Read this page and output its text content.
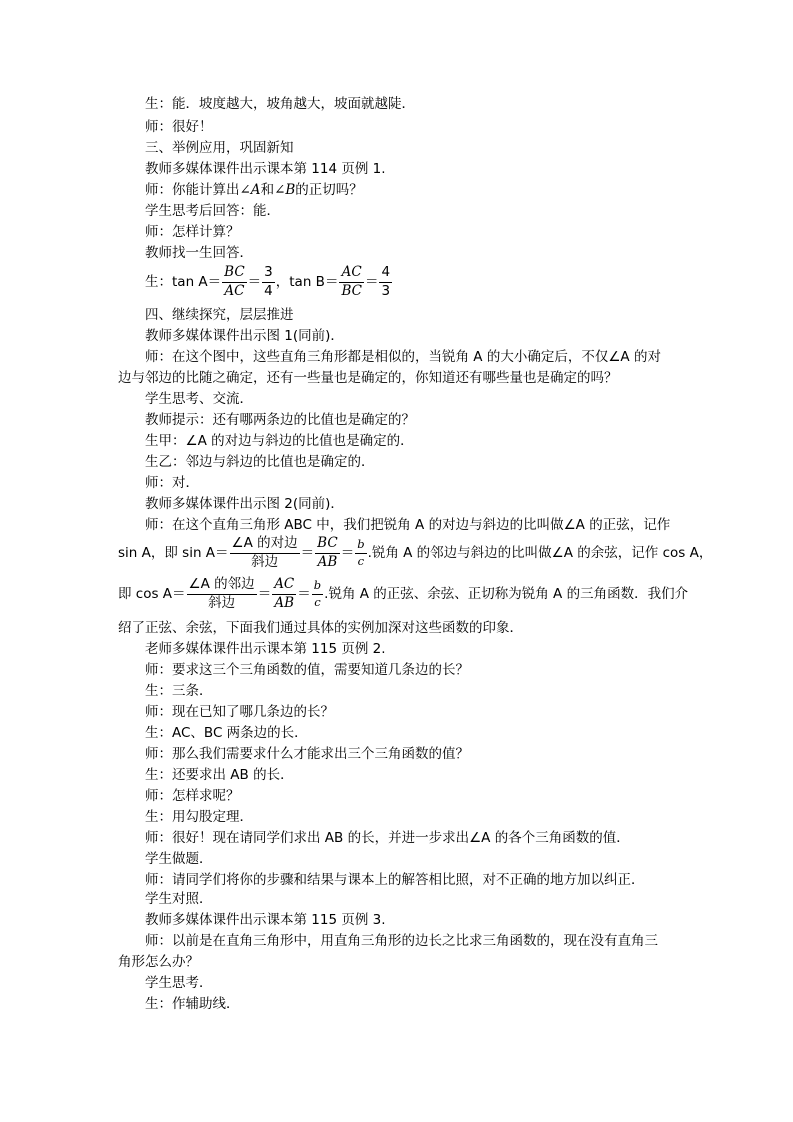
生：能．坡度越大，坡角越大，坡面就越陡．
师：很好！
三、举例应用，巩固新知
教师多媒体课件出示课本第 114 页例 1.
师：你能计算出∠A和∠B的正切吗？
学生思考后回答：能．
师：怎样计算？
教师找一生回答．
生：$\tan A= \frac{BC}{AC} = \frac{3}{4}$ ，$\tan B= \frac{AC}{BC} = \frac{4}{3}$
四、继续探究，层层推进
教师多媒体课件出示图 1(同前)．
师：在这个图中，这些直角三角形都是相似的，当锐角 A 的大小确定后，不仅∠A 的对
边与邻边的比随之确定，还有一些量也是确定的，你知道还有哪些量也是确定的吗？
学生思考、交流．
教师提示：还有哪两条边的比值也是确定的？
生甲：∠A 的对边与斜边的比值也是确定的．
生乙：邻边与斜边的比值也是确定的．
师：对．
教师多媒体课件出示图 2(同前)．
师：在这个直角三角形 ABC 中，我们把锐角 A 的对边与斜边的比叫做∠A 的正弦，记作
sin A，即 $\sin A= \frac{\text{∠A 的对边}}{\text{斜边}} = \frac{BC}{AB} = \frac{b}{c}$ .锐角 A 的邻边与斜边的比叫做∠A 的余弦，记作 cos A，
即 $\cos A= \frac{\text{∠A 的邻边}}{\text{斜边}} = \frac{AC}{AB} = \frac{b}{c}$ .锐角 A 的正弦、余弦、正切称为锐角 A 的三角函数．我们介
绍了正弦、余弦，下面我们通过具体的实例加深对这些函数的印象．
老师多媒体课件出示课本第 115 页例 2.
师：要求这三个三角函数的值，需要知道几条边的长？
生：三条．
师：现在已知了哪几条边的长？
生：AC、BC 两条边的长．
师：那么我们需要求什么才能求出三个三角函数的值？
生：还要求出 AB 的长．
师：怎样求呢？
生：用勾股定理．
师：很好！现在请同学们求出 AB 的长，并进一步求出∠A 的各个三角函数的值．
学生做题．
师：请同学们将你的步骤和结果与课本上的解答相比照，对不正确的地方加以纠正．
学生对照．
教师多媒体课件出示课本第 115 页例 3.
师：以前是在直角三角形中，用直角三角形的边长之比求三角函数的，现在没有直角三
角形怎么办？
学生思考．
生：作辅助线．
